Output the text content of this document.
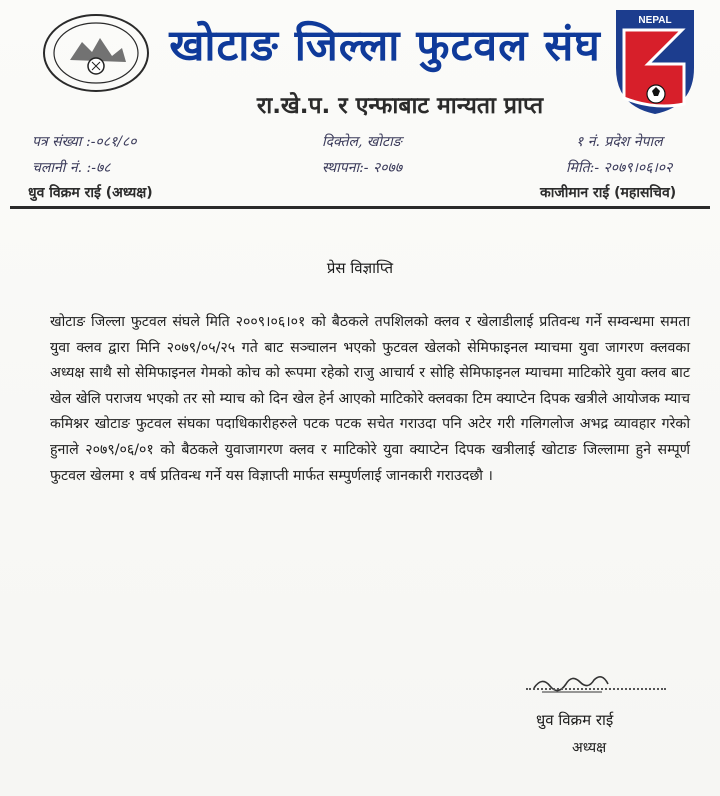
खोटाङ जिल्ला फुटवल संघ
रा.खे.प. र एन्फाबाट मान्यता प्राप्त
NEPAL
पत्र संख्या :-०८१/८०
चलानी नं. :-७८
धुव विक्रम राई (अध्यक्ष)
दिक्तेल, खोटाङ
स्थापना:- २०७७
१ नं. प्रदेश नेपाल
मिति:- २०७९।०६।०२
काजीमान राई (महासचिव)
प्रेस विज्ञाप्ति
खोटाङ जिल्ला फुटवल संघले मिति २००९।०६।०१ को बैठकले तपशिलको क्लव र खेलाडीलाई प्रतिवन्ध गर्ने सम्वन्धमा समता युवा क्लव द्वारा मिनि २०७९/०५/२५ गते बाट सञ्चालन भएको फुटवल खेलको सेमिफाइनल म्याचमा युवा जागरण क्लवका अध्यक्ष साथै सो सेमिफाइनल गेमको कोच को रूपमा रहेको राजु आचार्य र सोहि सेमिफाइनल म्याचमा माटिकोरे युवा क्लव बाट खेल खेलि पराजय भएको तर सो म्याच को दिन खेल हेर्न आएको माटिकोरे क्लवका टिम क्याप्टेन दिपक खत्रीले आयोजक म्याच कमिश्नर खोटाङ फुटवल संघका पदाधिकारीहरुले पटक पटक सचेत गराउदा पनि अटेर गरी गलिगलोज अभद्र व्यावहार गरेको हुनाले २०७९/०६/०१ को बैठकले युवाजागरण क्लव र माटिकोरे युवा क्याप्टेन दिपक खत्रीलाई खोटाङ जिल्लामा हुने सम्पूर्ण फुटवल खेलमा १ वर्ष प्रतिवन्ध गर्ने यस विज्ञाप्ती मार्फत सम्पुर्णलाई जानकारी गराउदछौ ।
धुव विक्रम राई
अध्यक्ष
